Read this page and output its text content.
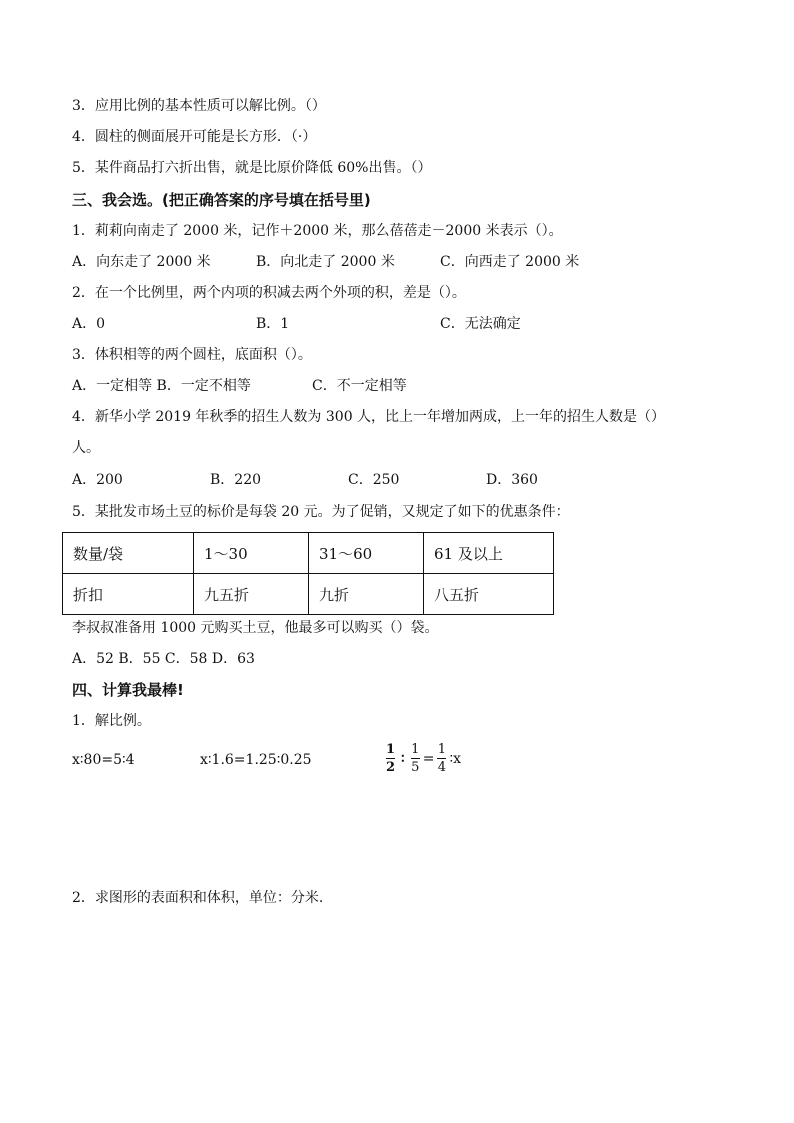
3．应用比例的基本性质可以解比例。（）
4．圆柱的侧面展开可能是长方形．（·）
5．某件商品打六折出售，就是比原价降低 60%出售。（）
三、我会选。(把正确答案的序号填在括号里)
1．莉莉向南走了 2000 米，记作＋2000 米，那么蓓蓓走－2000 米表示（）。
A．向东走了 2000 米	B．向北走了 2000 米	C．向西走了 2000 米
2．在一个比例里，两个内项的积减去两个外项的积，差是（）。
A．0	B．1	C．无法确定
3．体积相等的两个圆柱，底面积（）。
A．一定相等 B．一定不相等	C．不一定相等
4．新华小学 2019 年秋季的招生人数为 300 人，比上一年增加两成，上一年的招生人数是（）
人。
A．200	B．220	C．250	D．360
5．某批发市场土豆的标价是每袋 20 元。为了促销，又规定了如下的优惠条件：
数量/袋	1～30	31～60	61 及以上
折扣	九五折	九折	八五折
李叔叔准备用 1000 元购买土豆，他最多可以购买（）袋。
A．52 B．55 C．58 D．63
四、计算我最棒!
1．解比例。
x∶80=5∶4	x∶1.6=1.25∶0.25	$\frac{1}{2}$ ∶ $\frac{1}{5} = \frac{1}{4}$ ∶x
2．求图形的表面积和体积，单位：分米.
